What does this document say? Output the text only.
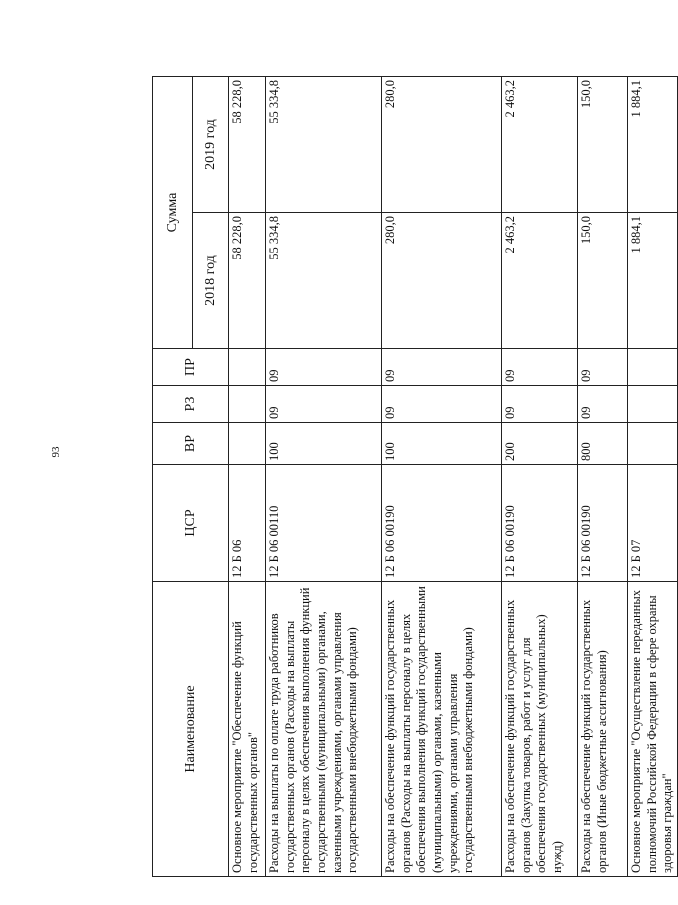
93
Наименование	ЦСР	ВР	РЗ	ПР	Сумма	
					2018 год	2019 год
Основное мероприятие "Обеспечение функций государственных органов"	12 Б 06				58 228,0	58 228,0
Расходы на выплаты по оплате труда работников государственных органов (Расходы на выплаты персоналу в целях обеспечения выполнения функций государственными (муниципальными) органами, казенными учреждениями, органами управления государственными внебюджетными фондами)	12 Б 06 00110	100	09	09	55 334,8	55 334,8
Расходы на обеспечение функций государственных органов (Расходы на выплаты персоналу в целях обеспечения выполнения функций государственными (муниципальными) органами, казенными учреждениями, органами управления государственными внебюджетными фондами)	12 Б 06 00190	100	09	09	280,0	280,0
Расходы на обеспечение функций государственных органов (Закупка товаров, работ и услуг для обеспечения государственных (муниципальных) нужд)	12 Б 06 00190	200	09	09	2 463,2	2 463,2
Расходы на обеспечение функций государственных органов (Иные бюджетные ассигнования)	12 Б 06 00190	800	09	09	150,0	150,0
Основное мероприятие "Осуществление переданных полномочий Российской Федерации в сфере охраны здоровья граждан"	12 Б 07				1 884,1	1 884,1
